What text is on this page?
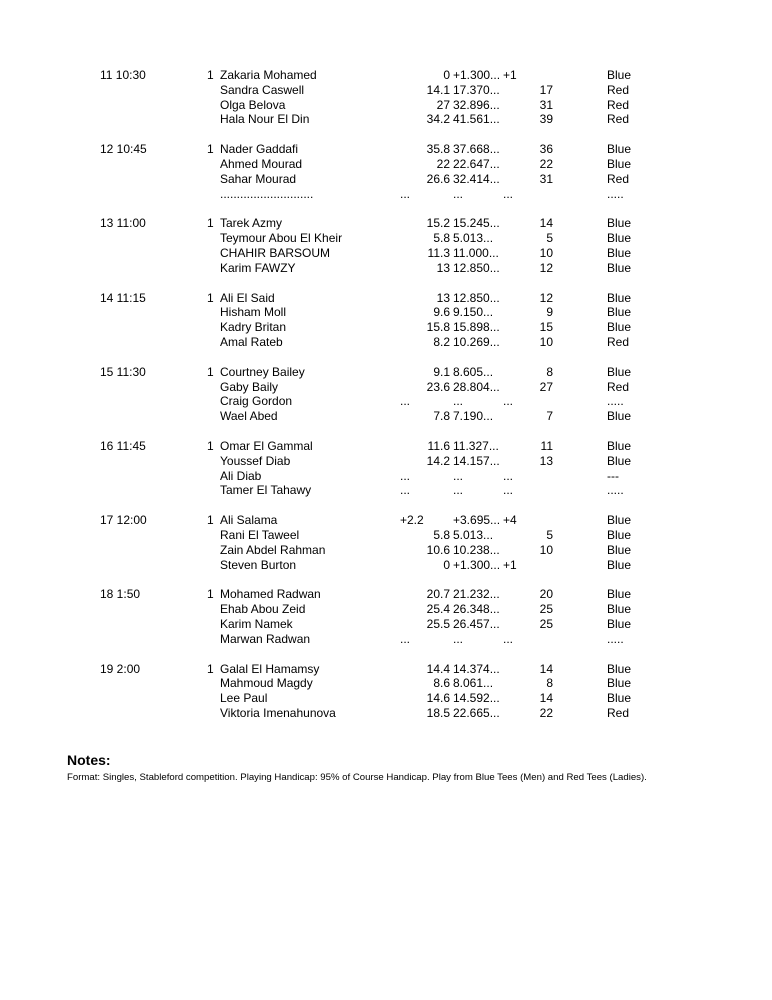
11 10:30	1 Zakaria Mohamed	0 +1.300... +1	Blue
Sandra Caswell	14.1 17.370...	17	Red
Olga Belova	27 32.896...	31	Red
Hala Nour El Din	34.2 41.561...	39	Red
12 10:45	1 Nader Gaddafi	35.8 37.668...	36	Blue
Ahmed Mourad	22 22.647...	22	Blue
Sahar Mourad	26.6 32.414...	31	Red
............................	...	...	...	.....
13 11:00	1 Tarek Azmy	15.2 15.245...	14	Blue
Teymour Abou El Kheir	5.8 5.013...	5	Blue
CHAHIR BARSOUM	11.3 11.000...	10	Blue
Karim FAWZY	13 12.850...	12	Blue
14 11:15	1 Ali El Said	13 12.850...	12	Blue
Hisham Moll	9.6 9.150...	9	Blue
Kadry Britan	15.8 15.898...	15	Blue
Amal Rateb	8.2 10.269...	10	Red
15 11:30	1 Courtney Bailey	9.1 8.605...	8	Blue
Gaby Baily	23.6 28.804...	27	Red
Craig Gordon	...	...	...	.....
Wael Abed	7.8 7.190...	7	Blue
16 11:45	1 Omar El Gammal	11.6 11.327...	11	Blue
Youssef Diab	14.2 14.157...	13	Blue
Ali Diab	...	...	...	---
Tamer El Tahawy	...	...	...	.....
17 12:00	1 Ali Salama	+2.2	+3.695... +4	Blue
Rani El Taweel	5.8 5.013...	5	Blue
Zain Abdel Rahman	10.6 10.238...	10	Blue
Steven Burton	0 +1.300... +1	Blue
18 1:50	1 Mohamed Radwan	20.7 21.232...	20	Blue
Ehab Abou Zeid	25.4 26.348...	25	Blue
Karim Namek	25.5 26.457...	25	Blue
Marwan Radwan	...	...	...	.....
19 2:00	1 Galal El Hamamsy	14.4 14.374...	14	Blue
Mahmoud Magdy	8.6 8.061...	8	Blue
Lee Paul	14.6 14.592...	14	Blue
Viktoria Imenahunova	18.5 22.665...	22	Red

Notes:

Format: Singles, Stableford competition. Playing Handicap: 95% of Course Handicap. Play from Blue Tees (Men) and Red Tees (Ladies).
